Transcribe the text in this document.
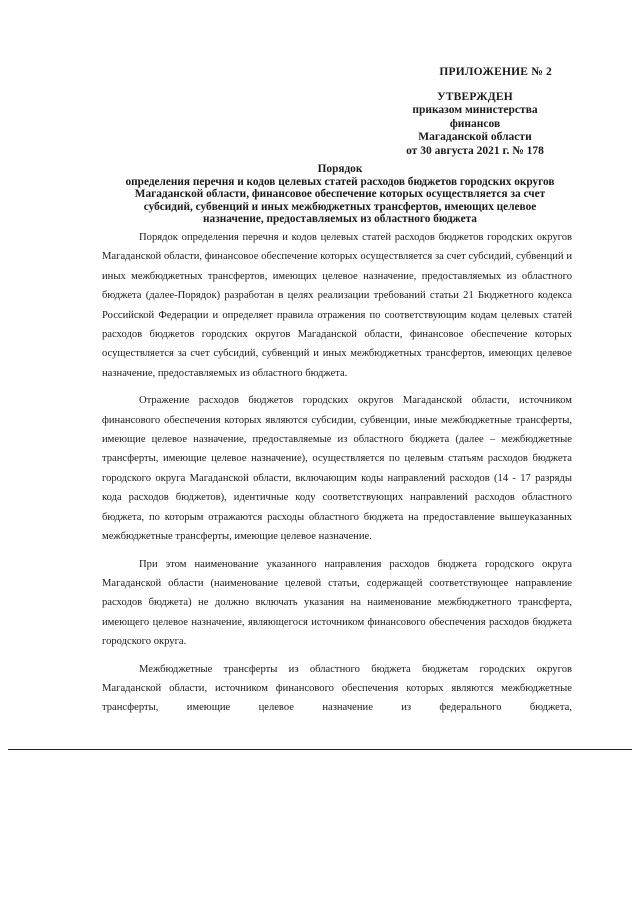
ПРИЛОЖЕНИЕ № 2
УТВЕРЖДЕН
приказом министерства
финансов
Магаданской области
от 30 августа 2021 г. № 178
Порядок
определения перечня и кодов целевых статей расходов бюджетов городских округов
Магаданской области, финансовое обеспечение которых осуществляется за счет
субсидий, субвенций и иных межбюджетных трансфертов, имеющих целевое
назначение, предоставляемых из областного бюджета

Порядок определения перечня и кодов целевых статей расходов бюджетов городских округов Магаданской области, финансовое обеспечение которых осуществляется за счет субсидий, субвенций и иных межбюджетных трансфертов, имеющих целевое назначение, предоставляемых из областного бюджета (далее-Порядок) разработан в целях реализации требований статьи 21 Бюджетного кодекса Российской Федерации и определяет правила отражения по соответствующим кодам целевых статей расходов бюджетов городских округов Магаданской области, финансовое обеспечение которых осуществляется за счет субсидий, субвенций и иных межбюджетных трансфертов, имеющих целевое назначение, предоставляемых из областного бюджета.

Отражение расходов бюджетов городских округов Магаданской области, источником финансового обеспечения которых являются субсидии, субвенции, иные межбюджетные трансферты, имеющие целевое назначение, предоставляемые из областного бюджета (далее – межбюджетные трансферты, имеющие целевое назначение), осуществляется по целевым статьям расходов бюджета городского округа Магаданской области, включающим коды направлений расходов (14 - 17 разряды кода расходов бюджетов), идентичные коду соответствующих направлений расходов областного бюджета, по которым отражаются расходы областного бюджета на предоставление вышеуказанных межбюджетные трансферты, имеющие целевое назначение.

При этом наименование указанного направления расходов бюджета городского округа Магаданской области (наименование целевой статьи, содержащей соответствующее направление расходов бюджета) не должно включать указания на наименование межбюджетного трансферта, имеющего целевое назначение, являющегося источником финансового обеспечения расходов бюджета городского округа.

Межбюджетные трансферты из областного бюджета бюджетам городских округов Магаданской области, источником финансового обеспечения которых являются межбюджетные трансферты, имеющие целевое назначение из федерального бюджета,
